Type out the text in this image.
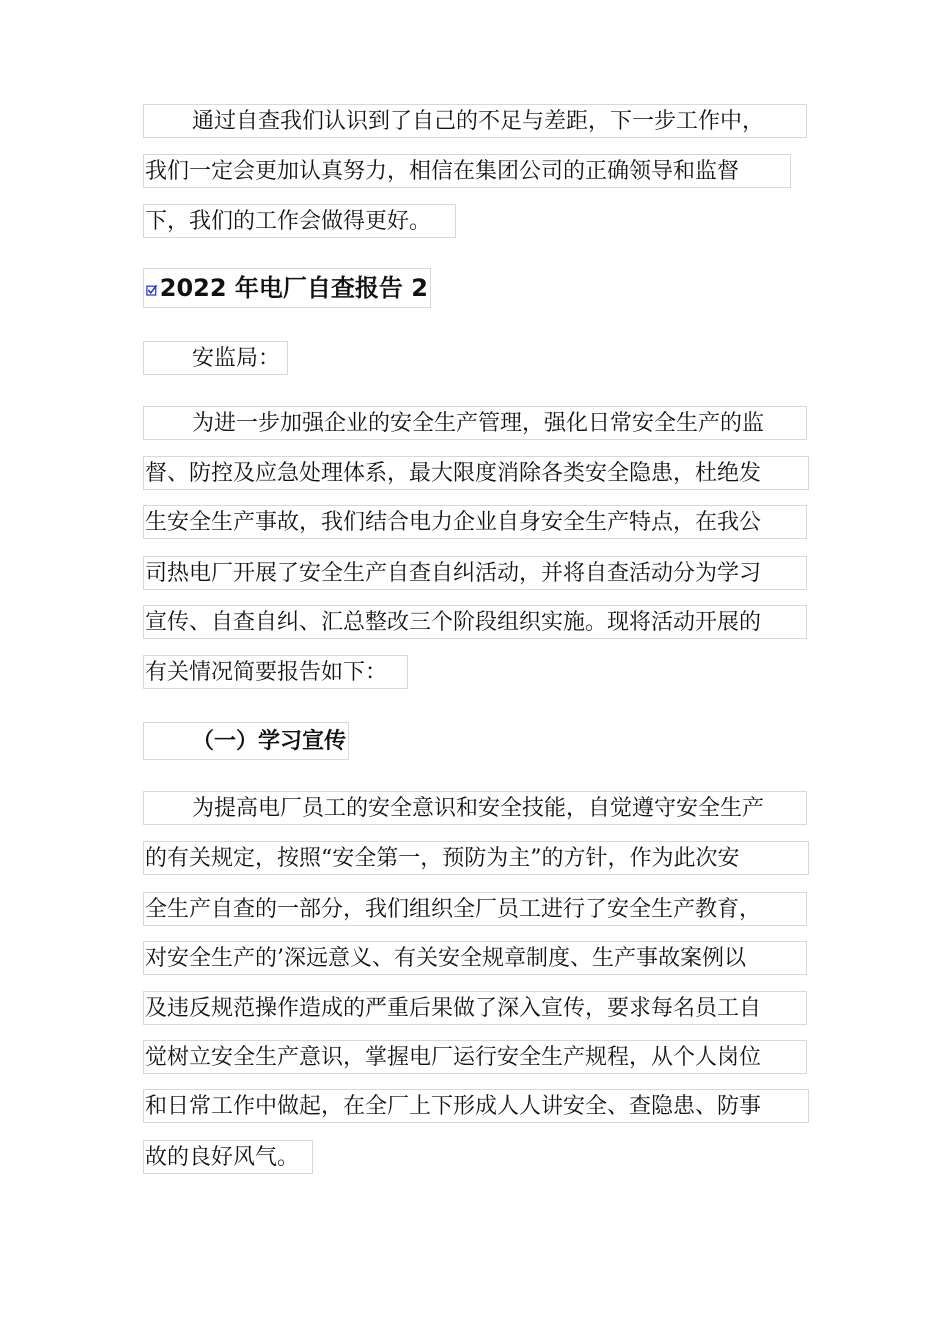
通过自查我们认识到了自己的不足与差距，下一步工作中，
我们一定会更加认真努力，相信在集团公司的正确领导和监督
下，我们的工作会做得更好。
2022 年电厂自查报告 2
安监局：
为进一步加强企业的安全生产管理，强化日常安全生产的监
督、防控及应急处理体系，最大限度消除各类安全隐患，杜绝发
生安全生产事故，我们结合电力企业自身安全生产特点，在我公
司热电厂开展了安全生产自查自纠活动，并将自查活动分为学习
宣传、自查自纠、汇总整改三个阶段组织实施。现将活动开展的
有关情况简要报告如下：
（一）学习宣传
为提高电厂员工的安全意识和安全技能，自觉遵守安全生产
的有关规定，按照“安全第一，预防为主”的方针，作为此次安
全生产自查的一部分，我们组织全厂员工进行了安全生产教育，
对安全生产的’深远意义、有关安全规章制度、生产事故案例以
及违反规范操作造成的严重后果做了深入宣传，要求每名员工自
觉树立安全生产意识，掌握电厂运行安全生产规程，从个人岗位
和日常工作中做起，在全厂上下形成人人讲安全、查隐患、防事
故的良好风气。
